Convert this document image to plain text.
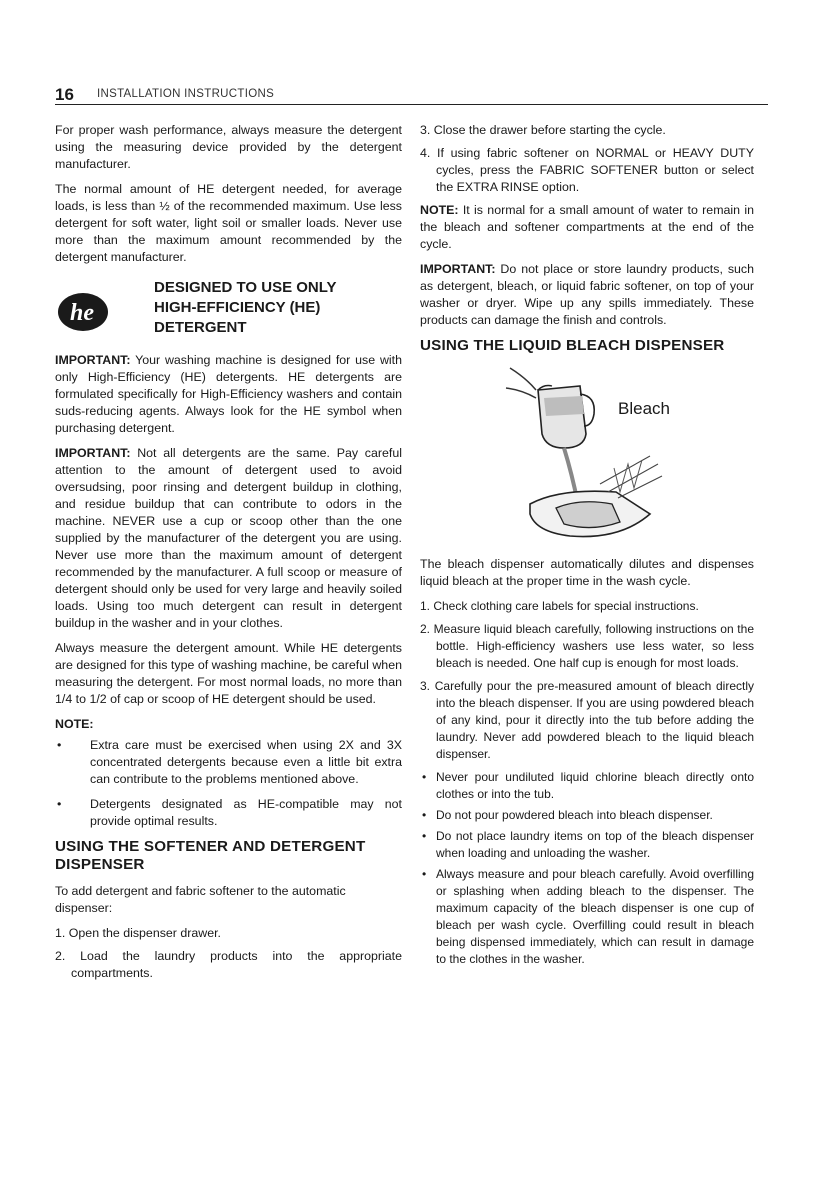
16 INSTALLATION INSTRUCTIONS

For proper wash performance, always measure the detergent using the measuring device provided by the detergent manufacturer.

The normal amount of HE detergent needed, for average loads, is less than ½ of the recommended maximum. Use less detergent for soft water, light soil or smaller loads. Never use more than the maximum amount recommended by the detergent manufacturer.

he
DESIGNED TO USE ONLY
HIGH-EFFICIENCY (HE)
DETERGENT

IMPORTANT: Your washing machine is designed for use with only High-Efficiency (HE) detergents. HE detergents are formulated specifically for High-Efficiency washers and contain suds-reducing agents. Always look for the HE symbol when purchasing detergent.

IMPORTANT: Not all detergents are the same. Pay careful attention to the amount of detergent used to avoid oversudsing, poor rinsing and detergent buildup in clothing, and residue buildup that can contribute to odors in the machine. NEVER use a cup or scoop other than the one supplied by the manufacturer of the detergent you are using. Never use more than the maximum amount of detergent recommended by the manufacturer. A full scoop or measure of detergent should only be used for very large and heavily soiled loads. Using too much detergent can result in detergent buildup in the washer and in your clothes.

Always measure the detergent amount. While HE detergents are designed for this type of washing machine, be careful when measuring the detergent. For most normal loads, no more than 1/4 to 1/2 of cap or scoop of HE detergent should be used.

NOTE:
• Extra care must be exercised when using 2X and 3X concentrated detergents because even a little bit extra can contribute to the problems mentioned above.
• Detergents designated as HE-compatible may not provide optimal results.
USING THE SOFTENER AND DETERGENT DISPENSER

To add detergent and fabric softener to the automatic dispenser:

1. Open the dispenser drawer.
2. Load the laundry products into the appropriate compartments.
3. Close the drawer before starting the cycle.
4. If using fabric softener on NORMAL or HEAVY DUTY cycles, press the FABRIC SOFTENER button or select the EXTRA RINSE option.

NOTE: It is normal for a small amount of water to remain in the bleach and softener compartments at the end of the cycle.

IMPORTANT: Do not place or store laundry products, such as detergent, bleach, or liquid fabric softener, on top of your washer or dryer. Wipe up any spills immediately. These products can damage the finish and controls.

USING THE LIQUID BLEACH DISPENSER
Bleach

The bleach dispenser automatically dilutes and dispenses liquid bleach at the proper time in the wash cycle.

1. Check clothing care labels for special instructions.
2. Measure liquid bleach carefully, following instructions on the bottle. High-efficiency washers use less water, so less bleach is needed. One half cup is enough for most loads.
3. Carefully pour the pre-measured amount of bleach directly into the bleach dispenser. If you are using powdered bleach of any kind, pour it directly into the tub before adding the laundry. Never add powdered bleach to the liquid bleach dispenser.
• Never pour undiluted liquid chlorine bleach directly onto clothes or into the tub.
• Do not pour powdered bleach into bleach dispenser.
• Do not place laundry items on top of the bleach dispenser when loading and unloading the washer.
• Always measure and pour bleach carefully. Avoid overfilling or splashing when adding bleach to the dispenser. The maximum capacity of the bleach dispenser is one cup of bleach per wash cycle. Overfilling could result in bleach being dispensed immediately, which can result in damage to the clothes in the washer.
